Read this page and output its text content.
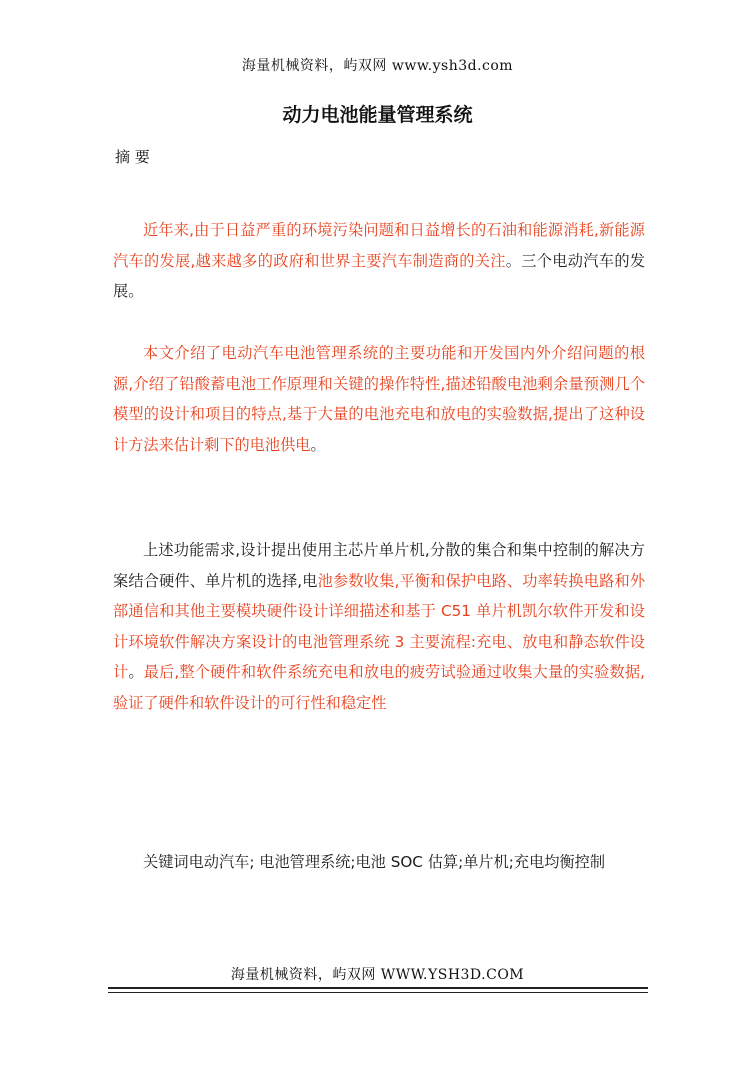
海量机械资料，屿双网 www.ysh3d.com
动力电池能量管理系统
摘 要

近年来,由于日益严重的环境污染问题和日益增长的石油和能源消耗,新能源汽车的发展,越来越多的政府和世界主要汽车制造商的关注。三个电动汽车的发展。

本文介绍了电动汽车电池管理系统的主要功能和开发国内外介绍问题的根源,介绍了铅酸蓄电池工作原理和关键的操作特性,描述铅酸电池剩余量预测几个模型的设计和项目的特点,基于大量的电池充电和放电的实验数据,提出了这种设计方法来估计剩下的电池供电。

上述功能需求,设计提出使用主芯片单片机,分散的集合和集中控制的解决方案结合硬件、单片机的选择,电池参数收集,平衡和保护电路、功率转换电路和外部通信和其他主要模块硬件设计详细描述和基于 C51 单片机凯尔软件开发和设计环境软件解决方案设计的电池管理系统 3 主要流程:充电、放电和静态软件设计。最后,整个硬件和软件系统充电和放电的疲劳试验通过收集大量的实验数据,验证了硬件和软件设计的可行性和稳定性

关键词电动汽车; 电池管理系统;电池 SOC 估算;单片机;充电均衡控制
海量机械资料，屿双网 WWW.YSH3D.COM
